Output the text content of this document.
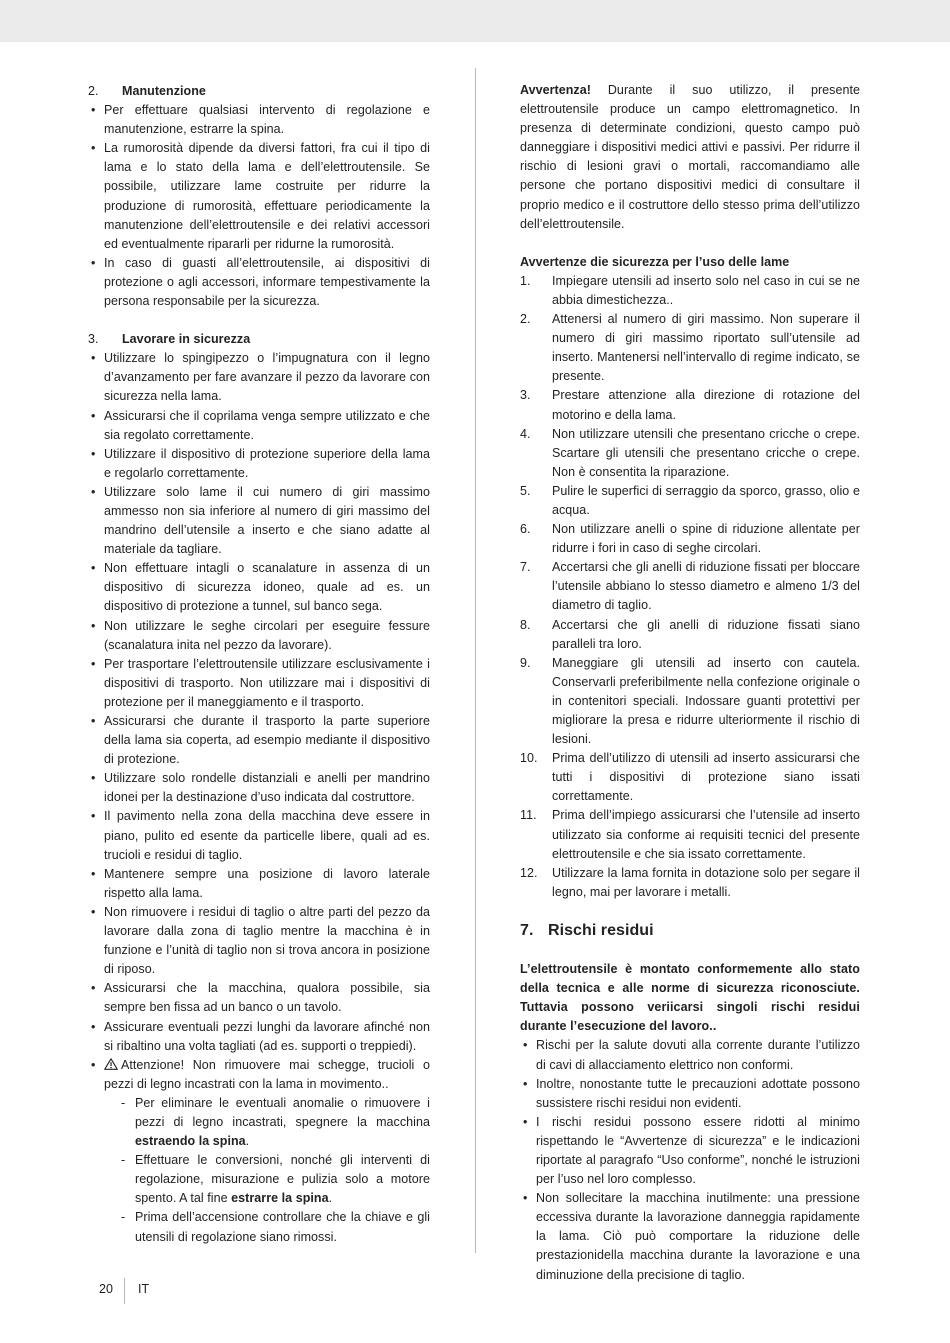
2.	Manutenzione
• Per effettuare qualsiasi intervento di regolazione e manutenzione, estrarre la spina.
• La rumorosità dipende da diversi fattori, fra cui il tipo di lama e lo stato della lama e dell’elettroutensile. Se possibile, utilizzare lame costruite per ridurre la produzione di rumorosità, effettuare periodicamente la manutenzione dell’elettroutensile e dei relativi accessori ed eventualmente ripararli per ridurne la rumorosità.
• In caso di guasti all’elettroutensile, ai dispositivi di protezione o agli accessori, informare tempestivamente la persona responsabile per la sicurezza.
3.	Lavorare in sicurezza
• Utilizzare lo spingipezzo o l’impugnatura con il legno d’avanzamento per fare avanzare il pezzo da lavorare con sicurezza nella lama.
• Assicurarsi che il coprilama venga sempre utilizzato e che sia regolato correttamente.
• Utilizzare il dispositivo di protezione superiore della lama e regolarlo correttamente.
• Utilizzare solo lame il cui numero di giri massimo ammesso non sia inferiore al numero di giri massimo del mandrino dell’utensile a inserto e che siano adatte al materiale da tagliare.
• Non effettuare intagli o scanalature in assenza di un dispositivo di sicurezza idoneo, quale ad es. un dispositivo di protezione a tunnel, sul banco sega.
• Non utilizzare le seghe circolari per eseguire fessure (scanalatura inita nel pezzo da lavorare).
• Per trasportare l’elettroutensile utilizzare esclusivamente i dispositivi di trasporto. Non utilizzare mai i dispositivi di protezione per il maneggiamento e il trasporto.
• Assicurarsi che durante il trasporto la parte superiore della lama sia coperta, ad esempio mediante il dispositivo di protezione.
• Utilizzare solo rondelle distanziali e anelli per mandrino idonei per la destinazione d’uso indicata dal costruttore.
• Il pavimento nella zona della macchina deve essere in piano, pulito ed esente da particelle libere, quali ad es. trucioli e residui di taglio.
• Mantenere sempre una posizione di lavoro laterale rispetto alla lama.
• Non rimuovere i residui di taglio o altre parti del pezzo da lavorare dalla zona di taglio mentre la macchina è in funzione e l’unità di taglio non si trova ancora in posizione di riposo.
• Assicurarsi che la macchina, qualora possibile, sia sempre ben fissa ad un banco o un tavolo.
• Assicurare eventuali pezzi lunghi da lavorare afinché non si ribaltino una volta tagliati (ad es. supporti o treppiedi).
• Attenzione! Non rimuovere mai schegge, trucioli o pezzi di legno incastrati con la lama in movimento..
- Per eliminare le eventuali anomalie o rimuovere i pezzi di legno incastrati, spegnere la macchina estraendo la spina.
- Effettuare le conversioni, nonché gli interventi di regolazione, misurazione e pulizia solo a motore spento. A tal fine estrarre la spina.
- Prima dell’accensione controllare che la chiave e gli utensili di regolazione siano rimossi.

Avvertenza! Durante il suo utilizzo, il presente elettroutensile produce un campo elettromagnetico. In presenza di determinate condizioni, questo campo può danneggiare i dispositivi medici attivi e passivi. Per ridurre il rischio di lesioni gravi o mortali, raccomandiamo alle persone che portano dispositivi medici di consultare il proprio medico e il costruttore dello stesso prima dell’utilizzo dell’elettroutensile.

Avvertenze die sicurezza per l’uso delle lame

1.	Impiegare utensili ad inserto solo nel caso in cui se ne abbia dimestichezza..
2.	Attenersi al numero di giri massimo. Non superare il numero di giri massimo riportato sull’utensile ad inserto. Mantenersi nell’intervallo di regime indicato, se presente.
3.	Prestare attenzione alla direzione di rotazione del motorino e della lama.
4.	Non utilizzare utensili che presentano cricche o crepe. Scartare gli utensili che presentano cricche o crepe. Non è consentita la riparazione.
5.	Pulire le superfici di serraggio da sporco, grasso, olio e acqua.
6.	Non utilizzare anelli o spine di riduzione allentate per ridurre i fori in caso di seghe circolari.
7.	Accertarsi che gli anelli di riduzione fissati per bloccare l’utensile abbiano lo stesso diametro e almeno 1/3 del diametro di taglio.
8.	Accertarsi che gli anelli di riduzione fissati siano paralleli tra loro.
9.	Maneggiare gli utensili ad inserto con cautela. Conservarli preferibilmente nella confezione originale o in contenitori speciali. Indossare guanti protettivi per migliorare la presa e ridurre ulteriormente il rischio di lesioni.
10.	Prima dell’utilizzo di utensili ad inserto assicurarsi che tutti i dispositivi di protezione siano issati correttamente.
11.	Prima dell’impiego assicurarsi che l’utensile ad inserto utilizzato sia conforme ai requisiti tecnici del presente elettroutensile e che sia issato correttamente.
12.	Utilizzare la lama fornita in dotazione solo per segare il legno, mai per lavorare i metalli.
7. Rischi residui

L’elettroutensile è montato conformemente allo stato della tecnica e alle norme di sicurezza riconosciute. Tuttavia possono veriicarsi singoli rischi residui durante l’esecuzione del lavoro..

• Rischi per la salute dovuti alla corrente durante l’utilizzo di cavi di allacciamento elettrico non conformi.
• Inoltre, nonostante tutte le precauzioni adottate possono sussistere rischi residui non evidenti.
• I rischi residui possono essere ridotti al minimo rispettando le “Avvertenze di sicurezza” e le indicazioni riportate al paragrafo “Uso conforme”, nonché le istruzioni per l’uso nel loro complesso.
• Non sollecitare la macchina inutilmente: una pressione eccessiva durante la lavorazione danneggia rapidamente la lama. Ciò può comportare la riduzione delle prestazionidella macchina durante la lavorazione e una diminuzione della precisione di taglio.
20 IT
